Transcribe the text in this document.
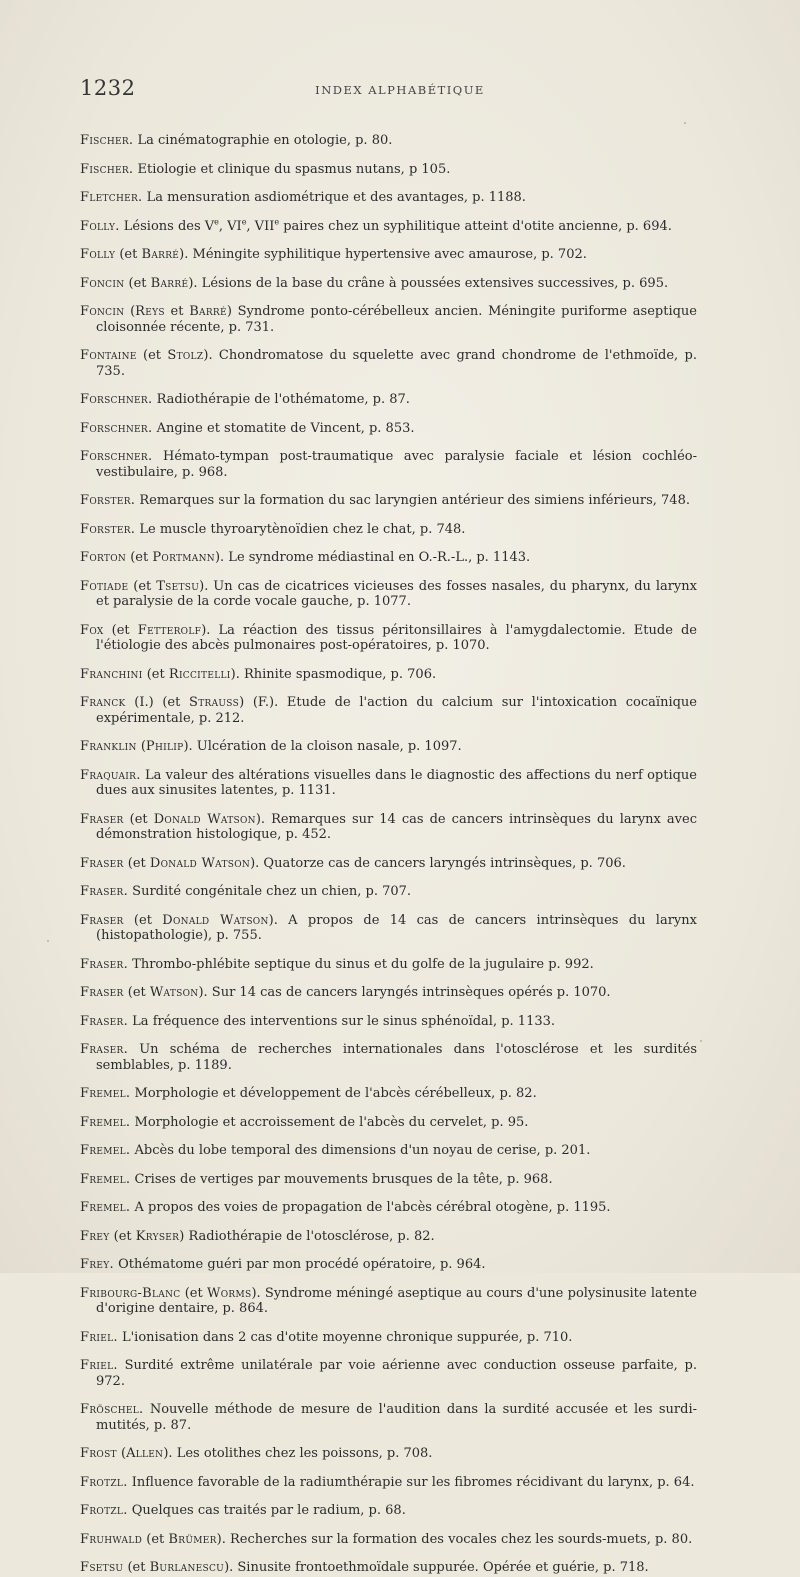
1232	INDEX ALPHABÉTIQUE

Fischer. La cinématographie en otologie, p. 80.

Fischer. Etiologie et clinique du spasmus nutans, p 105.

Fletcher. La mensuration asdiométrique et des avantages, p. 1188.

Folly. Lésions des Ve, VIe, VIIe paires chez un syphilitique atteint d'otite ancienne, p. 694.

Folly (et Barré). Méningite syphilitique hypertensive avec amaurose, p. 702.

Foncin (et Barré). Lésions de la base du crâne à poussées extensives successives, p. 695.

Foncin (Reys et Barré) Syndrome ponto-cérébelleux ancien. Méningite puriforme aseptique cloisonnée récente, p. 731.

Fontaine (et Stolz). Chondromatose du squelette avec grand chondrome de l'ethmoïde, p. 735.

Forschner. Radiothérapie de l'othématome, p. 87.

Forschner. Angine et stomatite de Vincent, p. 853.

Forschner. Hémato-tympan post-traumatique avec paralysie faciale et lésion cochléo-vestibulaire, p. 968.

Forster. Remarques sur la formation du sac laryngien antérieur des simiens inférieurs, 748.

Forster. Le muscle thyroarytènoïdien chez le chat, p. 748.

Forton (et Portmann). Le syndrome médiastinal en O.-R.-L., p. 1143.

Fotiade (et Tsetsu). Un cas de cicatrices vicieuses des fosses nasales, du pharynx, du larynx et paralysie de la corde vocale gauche, p. 1077.

Fox (et Fetterolf). La réaction des tissus péritonsillaires à l'amygdalectomie. Etude de l'étiologie des abcès pulmonaires post-opératoires, p. 1070.

Franchini (et Riccitelli). Rhinite spasmodique, p. 706.

Franck (I.) (et Strauss) (F.). Etude de l'action du calcium sur l'intoxication cocaïnique expérimentale, p. 212.

Franklin (Philip). Ulcération de la cloison nasale, p. 1097.

Fraquair. La valeur des altérations visuelles dans le diagnostic des affections du nerf optique dues aux sinusites latentes, p. 1131.

Fraser (et Donald Watson). Remarques sur 14 cas de cancers intrinsèques du larynx avec démonstration histologique, p. 452.

Fraser (et Donald Watson). Quatorze cas de cancers laryngés intrinsèques, p. 706.

Fraser. Surdité congénitale chez un chien, p. 707.

Fraser (et Donald Watson). A propos de 14 cas de cancers intrinsèques du larynx (histopathologie), p. 755.

Fraser. Thrombo-phlébite septique du sinus et du golfe de la jugulaire p. 992.

Fraser (et Watson). Sur 14 cas de cancers laryngés intrinsèques opérés p. 1070.

Fraser. La fréquence des interventions sur le sinus sphénoïdal, p. 1133.

Fraser. Un schéma de recherches internationales dans l'otosclérose et les surdités semblables, p. 1189.

Fremel. Morphologie et développement de l'abcès cérébelleux, p. 82.

Fremel. Morphologie et accroissement de l'abcès du cervelet, p. 95.

Fremel. Abcès du lobe temporal des dimensions d'un noyau de cerise, p. 201.

Fremel. Crises de vertiges par mouvements brusques de la tête, p. 968.

Fremel. A propos des voies de propagation de l'abcès cérébral otogène, p. 1195.

Frey (et Kryser) Radiothérapie de l'otosclérose, p. 82.

Frey. Othématome guéri par mon procédé opératoire, p. 964.

Fribourg-Blanc (et Worms). Syndrome méningé aseptique au cours d'une polysinusite latente d'origine dentaire, p. 864.

Friel. L'ionisation dans 2 cas d'otite moyenne chronique suppurée, p. 710.

Friel. Surdité extrême unilatérale par voie aérienne avec conduction osseuse parfaite, p. 972.

Fröschel. Nouvelle méthode de mesure de l'audition dans la surdité accusée et les surdi-mutités, p. 87.

Frost (Allen). Les otolithes chez les poissons, p. 708.

Frotzl. Influence favorable de la radiumthérapie sur les fibromes récidivant du larynx, p. 64.

Frotzl. Quelques cas traités par le radium, p. 68.

Fruhwald (et Brümer). Recherches sur la formation des vocales chez les sourds-muets, p. 80.

Fsetsu (et Burlanescu). Sinusite frontoethmoïdale suppurée. Opérée et guérie, p. 718.
